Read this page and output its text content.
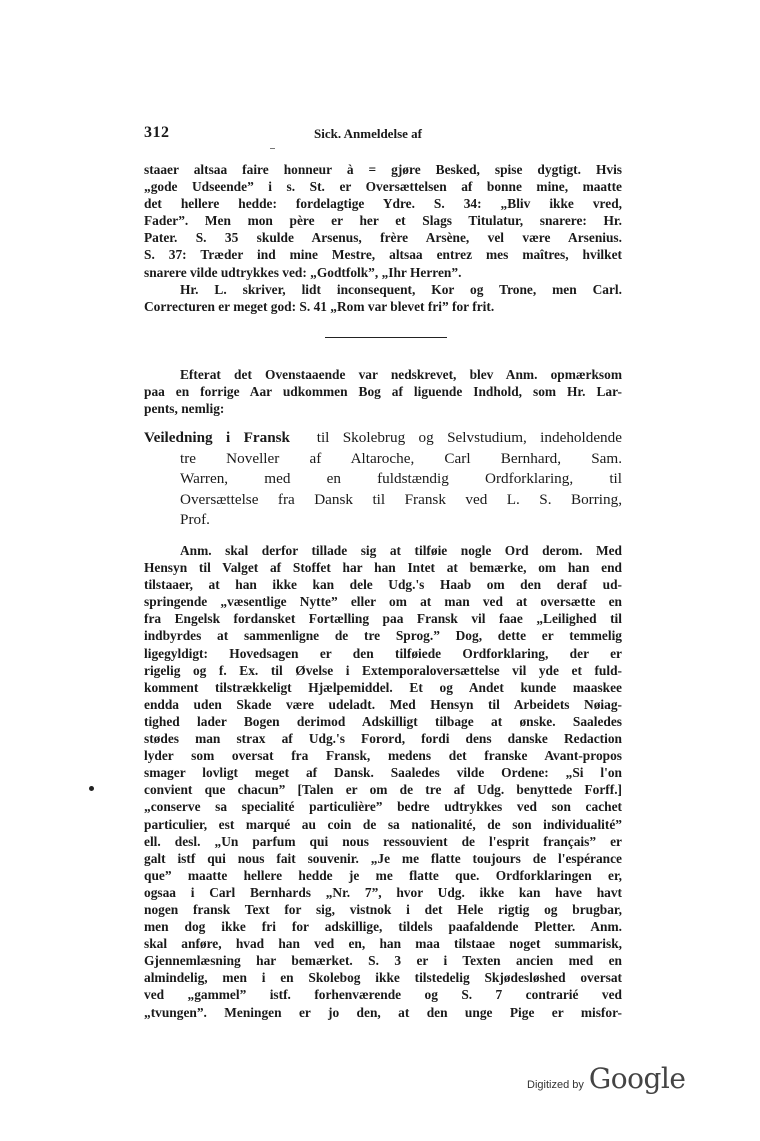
312	Sick. Anmeldelse af
staaer altsaa faire honneur à = gjøre Besked, spise dygtigt. Hvis
„gode Udseende” i s. St. er Oversættelsen af bonne mine, maatte
det hellere hedde: fordelagtige Ydre. S. 34: „Bliv ikke vred,
Fader”. Men mon père er her et Slags Titulatur, snarere: Hr.
Pater. S. 35 skulde Arsenus, frère Arsène, vel være Arsenius.
S. 37: Træder ind mine Mestre, altsaa entrez mes maîtres, hvilket
snarere vilde udtrykkes ved: „Godtfolk”, „Ihr Herren”.
Hr. L. skriver, lidt inconsequent, Kor og Trone, men Carl.
Correcturen er meget god: S. 41 „Rom var blevet fri” for frit.
Efterat det Ovenstaaende var nedskrevet, blev Anm. opmærksom
paa en forrige Aar udkommen Bog af liguende Indhold, som Hr. Lar-
pents, nemlig:
Veiledning i Fransk til Skolebrug og Selvstudium, indeholdende
tre Noveller af Altaroche, Carl Bernhard, Sam.
Warren, med en fuldstændig Ordforklaring, til
Oversættelse fra Dansk til Fransk ved L. S. Borring,
Prof.
Anm. skal derfor tillade sig at tilføie nogle Ord derom. Med
Hensyn til Valget af Stoffet har han Intet at bemærke, om han end
tilstaaer, at han ikke kan dele Udg.'s Haab om den deraf ud-
springende „væsentlige Nytte” eller om at man ved at oversætte en
fra Engelsk fordansket Fortælling paa Fransk vil faae „Leilighed til
indbyrdes at sammenligne de tre Sprog.” Dog, dette er temmelig
ligegyldigt: Hovedsagen er den tilføiede Ordforklaring, der er
rigelig og f. Ex. til Øvelse i Extemporaloversættelse vil yde et fuld-
komment tilstrækkeligt Hjælpemiddel. Et og Andet kunde maaskee
endda uden Skade være udeladt. Med Hensyn til Arbeidets Nøiag-
tighed lader Bogen derimod Adskilligt tilbage at ønske. Saaledes
stødes man strax af Udg.'s Forord, fordi dens danske Redaction
lyder som oversat fra Fransk, medens det franske Avant-propos
smager lovligt meget af Dansk. Saaledes vilde Ordene: „Si l'on
convient que chacun” [Talen er om de tre af Udg. benyttede Forff.]
„conserve sa specialité particulière” bedre udtrykkes ved son cachet
particulier, est marqué au coin de sa nationalité, de son individualité”
ell. desl. „Un parfum qui nous ressouvient de l'esprit français” er
galt istf qui nous fait souvenir. „Je me flatte toujours de l'espérance
que” maatte hellere hedde je me flatte que. Ordforklaringen er,
ogsaa i Carl Bernhards „Nr. 7”, hvor Udg. ikke kan have havt
nogen fransk Text for sig, vistnok i det Hele rigtig og brugbar,
men dog ikke fri for adskillige, tildels paafaldende Pletter. Anm.
skal anføre, hvad han ved en, han maa tilstaae noget summarisk,
Gjennemlæsning har bemærket. S. 3 er i Texten ancien med en
almindelig, men i en Skolebog ikke tilstedelig Skjødesløshed oversat
ved „gammel” istf. forhenværende og S. 7 contrarié ved
„tvungen”. Meningen er jo den, at den unge Pige er misfor-
Digitized by Google
